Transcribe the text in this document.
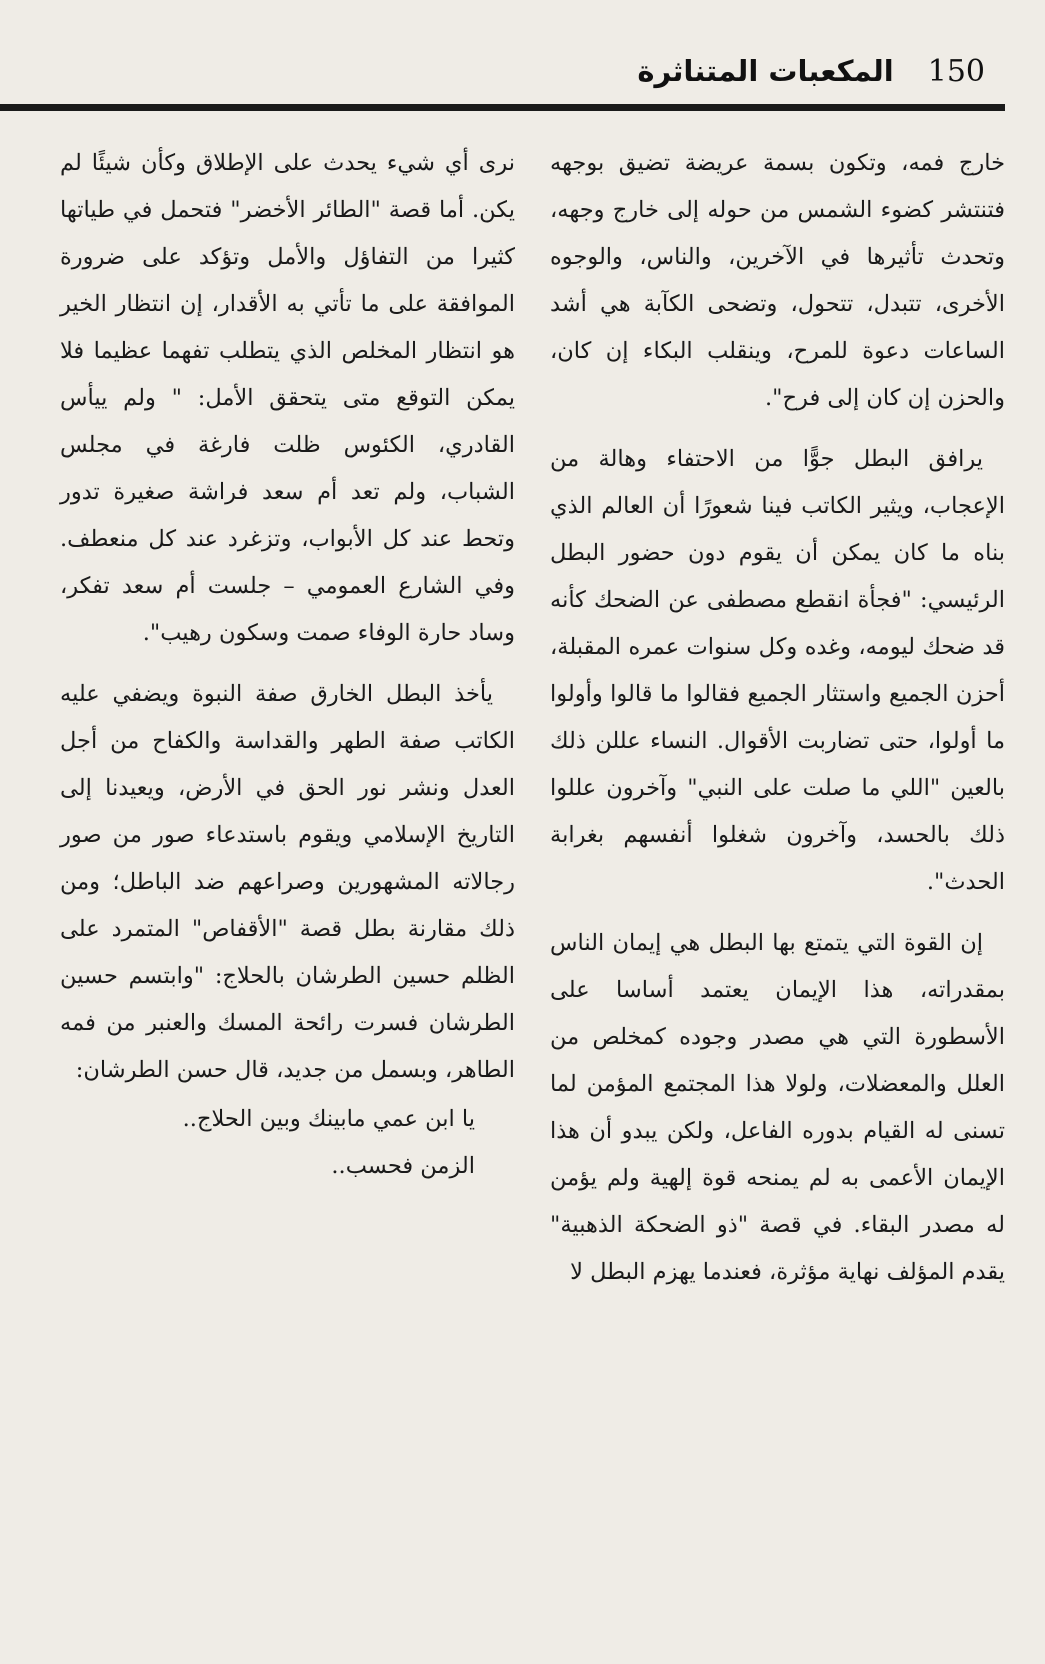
المكعبات المتناثرة 150

خارج فمه، وتكون بسمة عريضة تضيق بوجهه فتنتشر كضوء الشمس من حوله إلى خارج وجهه، وتحدث تأثيرها في الآخرين، والناس، والوجوه الأخرى، تتبدل، تتحول، وتضحى الكآبة هي أشد الساعات دعوة للمرح، وينقلب البكاء إن كان، والحزن إن كان إلى فرح".

يرافق البطل جوًّا من الاحتفاء وهالة من الإعجاب، ويثير الكاتب فينا شعورًا أن العالم الذي بناه ما كان يمكن أن يقوم دون حضور البطل الرئيسي: "فجأة انقطع مصطفى عن الضحك كأنه قد ضحك ليومه، وغده وكل سنوات عمره المقبلة، أحزن الجميع واستثار الجميع فقالوا ما قالوا وأولوا ما أولوا، حتى تضاربت الأقوال. النساء عللن ذلك بالعين "اللي ما صلت على النبي" وآخرون عللوا ذلك بالحسد، وآخرون شغلوا أنفسهم بغرابة الحدث".

إن القوة التي يتمتع بها البطل هي إيمان الناس بمقدراته، هذا الإيمان يعتمد أساسا على الأسطورة التي هي مصدر وجوده كمخلص من العلل والمعضلات، ولولا هذا المجتمع المؤمن لما تسنى له القيام بدوره الفاعل، ولكن يبدو أن هذا الإيمان الأعمى به لم يمنحه قوة إلهية ولم يؤمن له مصدر البقاء. في قصة "ذو الضحكة الذهبية" يقدم المؤلف نهاية مؤثرة، فعندما يهزم البطل لا

نرى أي شيء يحدث على الإطلاق وكأن شيئًا لم يكن. أما قصة "الطائر الأخضر" فتحمل في طياتها كثيرا من التفاؤل والأمل وتؤكد على ضرورة الموافقة على ما تأتي به الأقدار، إن انتظار الخير هو انتظار المخلص الذي يتطلب تفهما عظيما فلا يمكن التوقع متى يتحقق الأمل: " ولم ييأس القادري، الكئوس ظلت فارغة في مجلس الشباب، ولم تعد أم سعد فراشة صغيرة تدور وتحط عند كل الأبواب، وتزغرد عند كل منعطف. وفي الشارع العمومي – جلست أم سعد تفكر، وساد حارة الوفاء صمت وسكون رهيب".

يأخذ البطل الخارق صفة النبوة ويضفي عليه الكاتب صفة الطهر والقداسة والكفاح من أجل العدل ونشر نور الحق في الأرض، ويعيدنا إلى التاريخ الإسلامي ويقوم باستدعاء صور من صور رجالاته المشهورين وصراعهم ضد الباطل؛ ومن ذلك مقارنة بطل قصة "الأقفاص" المتمرد على الظلم حسين الطرشان بالحلاج: "وابتسم حسين الطرشان فسرت رائحة المسك والعنبر من فمه الطاهر، وبسمل من جديد، قال حسن الطرشان:

يا ابن عمي مابينك وبين الحلاج..
الزمن فحسب..
